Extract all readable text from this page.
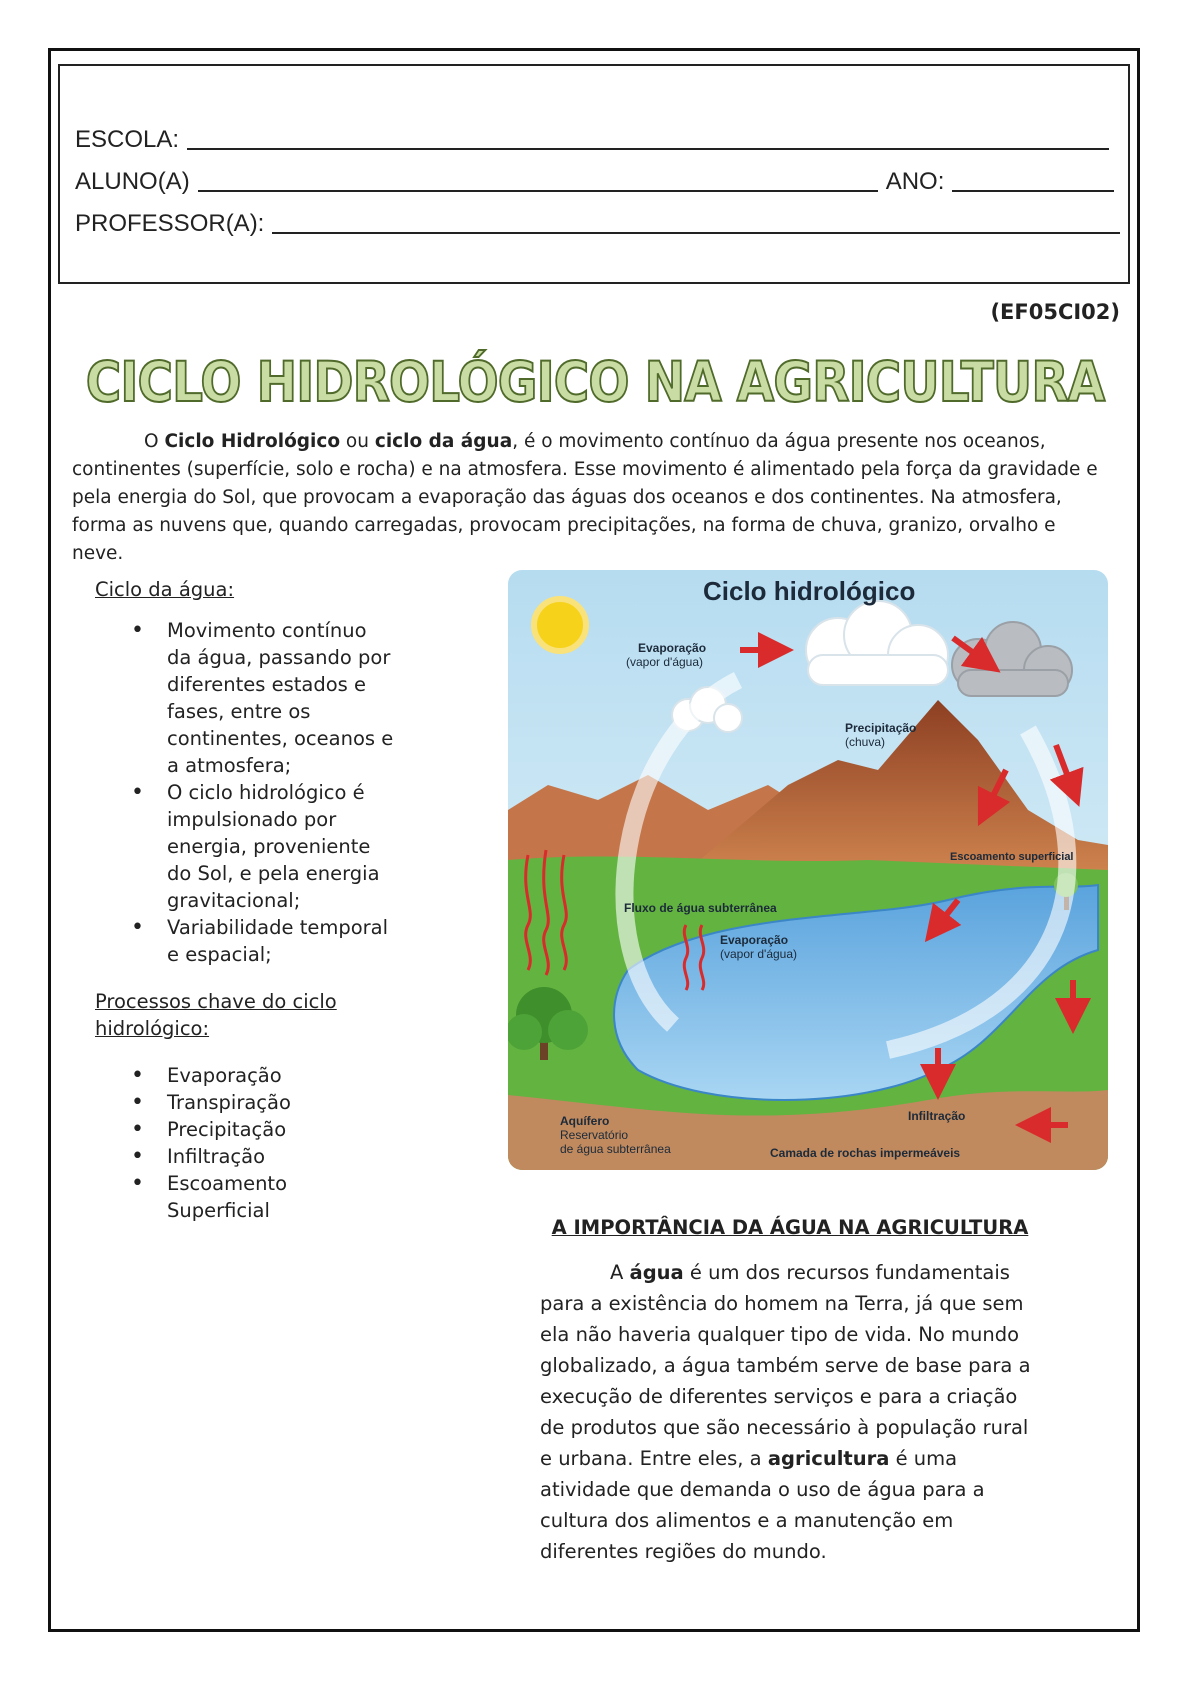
ESCOLA:
ALUNO(A)	ANO:
PROFESSOR(A):
(EF05CI02)
CICLO HIDROLÓGICO NA AGRICULTURA
O Ciclo Hidrológico ou ciclo da água, é o movimento contínuo da água presente nos oceanos, continentes (superfície, solo e rocha) e na atmosfera. Esse movimento é alimentado pela força da gravidade e pela energia do Sol, que provocam a evaporação das águas dos oceanos e dos continentes. Na atmosfera, forma as nuvens que, quando carregadas, provocam precipitações, na forma de chuva, granizo, orvalho e neve.

Ciclo da água:

• Movimento contínuo da água, passando por diferentes estados e fases, entre os continentes, oceanos e a atmosfera;
• O ciclo hidrológico é impulsionado por energia, proveniente do Sol, e pela energia gravitacional;
• Variabilidade temporal e espacial;

Processos chave do ciclo hidrológico:

• Evaporação
• Transpiração
• Precipitação
• Infiltração
• Escoamento Superficial
Ciclo hidrológico
Evaporação
(vapor d'água)
Precipitação
(chuva)
Escoamento superficial
Fluxo de água subterrânea
Evaporação
(vapor d'água)
Aquífero
Reservatório
de água subterrânea
Infiltração
Camada de rochas impermeáveis
A IMPORTÂNCIA DA ÁGUA NA AGRICULTURA

A água é um dos recursos fundamentais para a existência do homem na Terra, já que sem ela não haveria qualquer tipo de vida. No mundo globalizado, a água também serve de base para a execução de diferentes serviços e para a criação de produtos que são necessário à população rural e urbana. Entre eles, a agricultura é uma atividade que demanda o uso de água para a cultura dos alimentos e a manutenção em diferentes regiões do mundo.
